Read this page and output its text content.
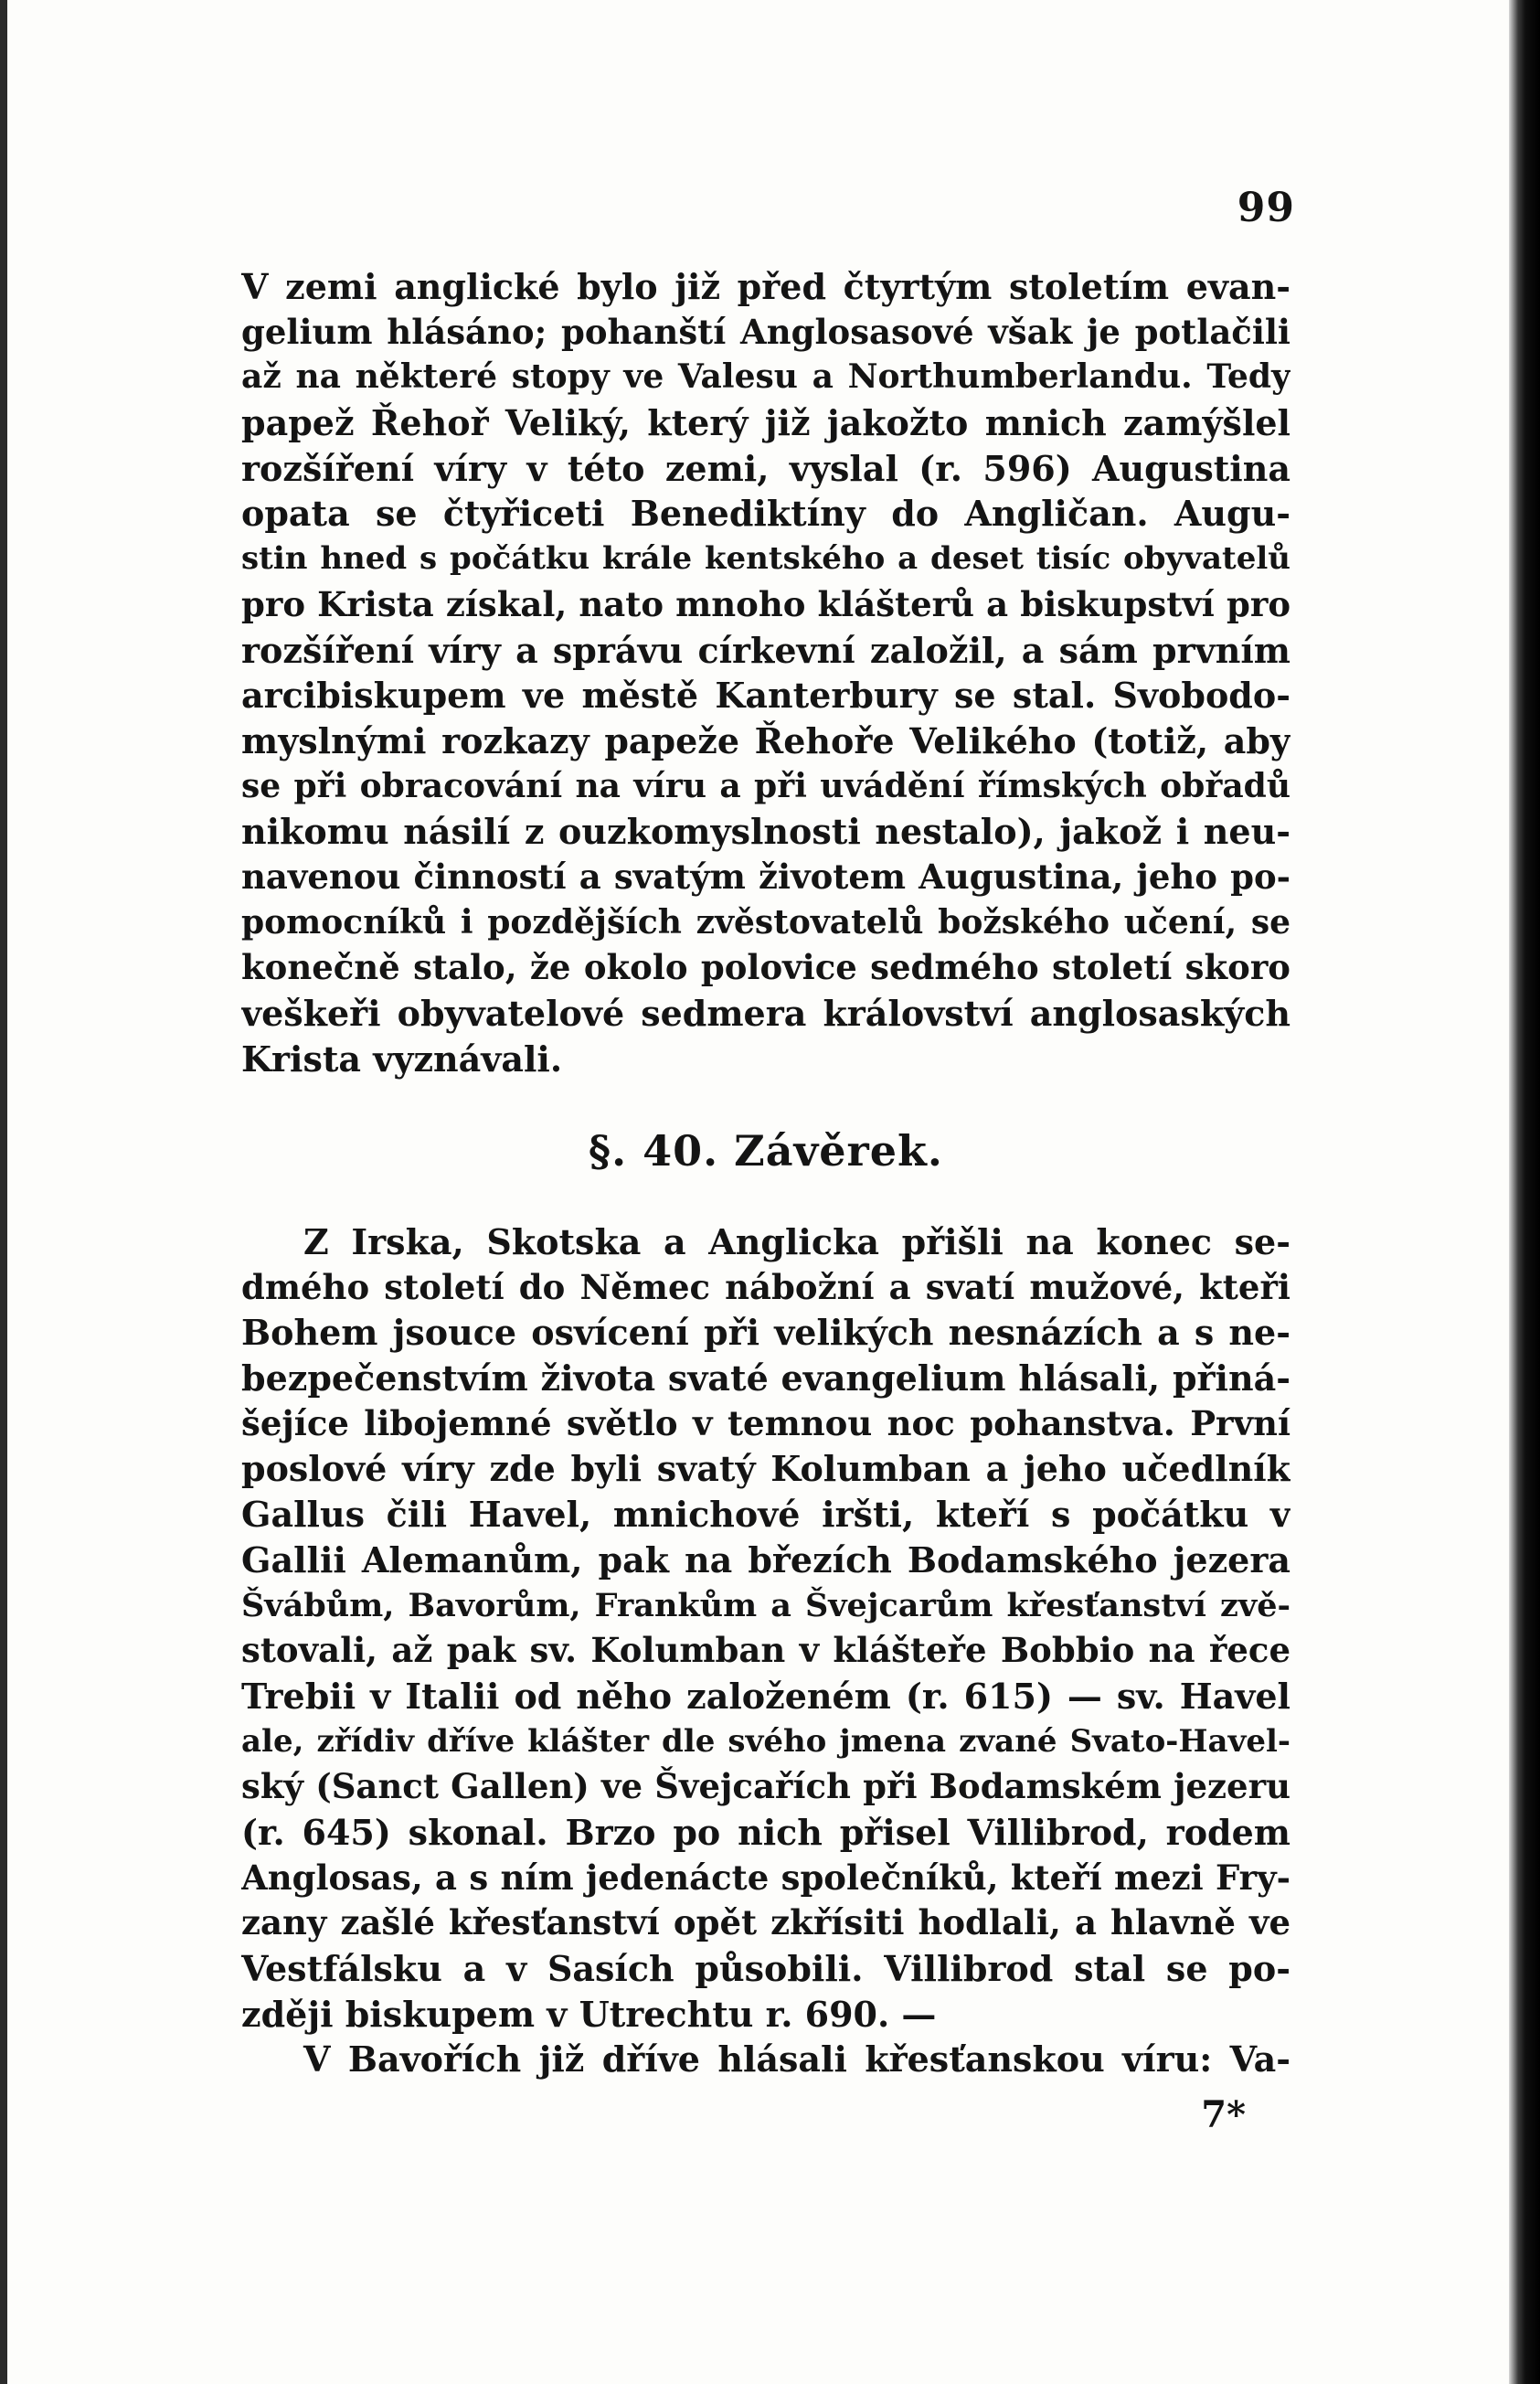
99
V zemi anglické bylo již před čtyrtým stoletím evan-
gelium hlásáno; pohanští Anglosasové však je potlačili
až na některé stopy ve Valesu a Northumberlandu. Tedy
papež Řehoř Veliký, který již jakožto mnich zamýšlel
rozšíření víry v této zemi, vyslal (r. 596) Augustina
opata se čtyřiceti Benediktíny do Angličan. Augu-
stin hned s počátku krále kentského a deset tisíc obyvatelů
pro Krista získal, nato mnoho klášterů a biskupství pro
rozšíření víry a správu církevní založil, a sám prvním
arcibiskupem ve městě Kanterbury se stal. Svobodo-
myslnými rozkazy papeže Řehoře Velikého (totiž, aby
se při obracování na víru a při uvádění římských obřadů
nikomu násilí z ouzkomyslnosti nestalo), jakož i neu-
navenou činností a svatým životem Augustina, jeho po-
pomocníků i pozdějších zvěstovatelů božského učení, se
konečně stalo, že okolo polovice sedmého století skoro
veškeři obyvatelové sedmera království anglosaských
Krista vyznávali.
§. 40. Závěrek.
Z Irska, Skotska a Anglicka přišli na konec se-
dmého století do Němec nábožní a svatí mužové, kteři
Bohem jsouce osvícení při velikých nesnázích a s ne-
bezpečenstvím života svaté evangelium hlásali, přiná-
šejíce libojemné světlo v temnou noc pohanstva. První
poslové víry zde byli svatý Kolumban a jeho učedlník
Gallus čili Havel, mnichové iršti, kteří s počátku v
Gallii Alemanům, pak na březích Bodamského jezera
Švábům, Bavorům, Frankům a Švejcarům křesťanství zvě-
stovali, až pak sv. Kolumban v klášteře Bobbio na řece
Trebii v Italii od něho založeném (r. 615) — sv. Havel
ale, zřídiv dříve klášter dle svého jmena zvané Svato-Havel-
ský (Sanct Gallen) ve Švejcařích při Bodamském jezeru
(r. 645) skonal. Brzo po nich přisel Villibrod, rodem
Anglosas, a s ním jedenácte společníků, kteří mezi Fry-
zany zašlé křesťanství opět zkřísiti hodlali, a hlavně ve
Vestfálsku a v Sasích působili. Villibrod stal se po-
zději biskupem v Utrechtu r. 690. —
V Bavořích již dříve hlásali křesťanskou víru: Va-
7*
